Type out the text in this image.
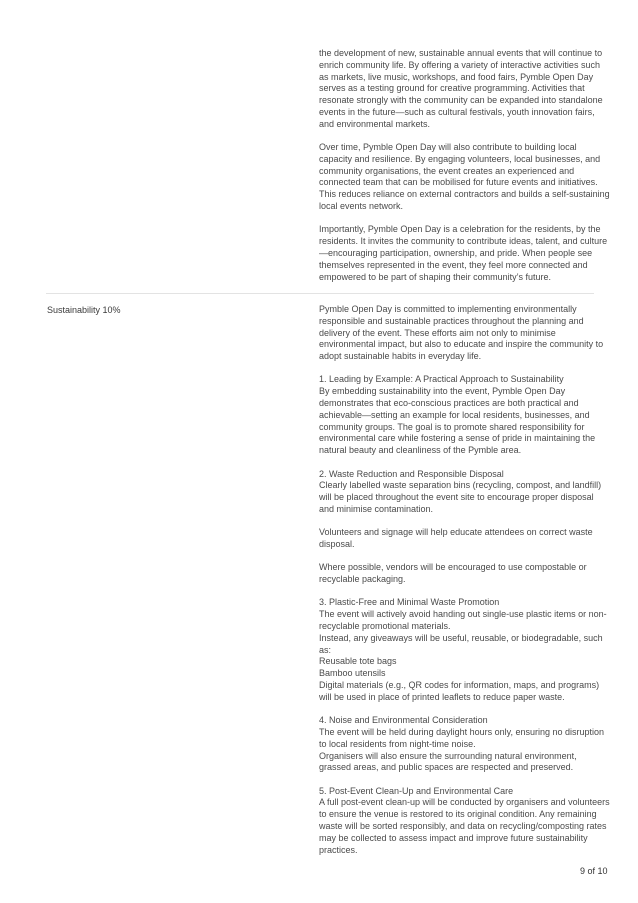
the development of new, sustainable annual events that will continue to
enrich community life. By offering a variety of interactive activities such
as markets, live music, workshops, and food fairs, Pymble Open Day
serves as a testing ground for creative programming. Activities that
resonate strongly with the community can be expanded into standalone
events in the future—such as cultural festivals, youth innovation fairs,
and environmental markets.
Over time, Pymble Open Day will also contribute to building local
capacity and resilience. By engaging volunteers, local businesses, and
community organisations, the event creates an experienced and
connected team that can be mobilised for future events and initiatives.
This reduces reliance on external contractors and builds a self-sustaining
local events network.
Importantly, Pymble Open Day is a celebration for the residents, by the
residents. It invites the community to contribute ideas, talent, and culture
—encouraging participation, ownership, and pride. When people see
themselves represented in the event, they feel more connected and
empowered to be part of shaping their community’s future.
Sustainability 10%	Pymble Open Day is committed to implementing environmentally
responsible and sustainable practices throughout the planning and
delivery of the event. These efforts aim not only to minimise
environmental impact, but also to educate and inspire the community to
adopt sustainable habits in everyday life.
1. Leading by Example: A Practical Approach to Sustainability
By embedding sustainability into the event, Pymble Open Day
demonstrates that eco-conscious practices are both practical and
achievable—setting an example for local residents, businesses, and
community groups. The goal is to promote shared responsibility for
environmental care while fostering a sense of pride in maintaining the
natural beauty and cleanliness of the Pymble area.
2. Waste Reduction and Responsible Disposal
Clearly labelled waste separation bins (recycling, compost, and landfill)
will be placed throughout the event site to encourage proper disposal
and minimise contamination.
Volunteers and signage will help educate attendees on correct waste
disposal.
Where possible, vendors will be encouraged to use compostable or
recyclable packaging.
3. Plastic-Free and Minimal Waste Promotion
The event will actively avoid handing out single-use plastic items or non-
recyclable promotional materials.
Instead, any giveaways will be useful, reusable, or biodegradable, such
as:
Reusable tote bags
Bamboo utensils
Digital materials (e.g., QR codes for information, maps, and programs)
will be used in place of printed leaflets to reduce paper waste.
4. Noise and Environmental Consideration
The event will be held during daylight hours only, ensuring no disruption
to local residents from night-time noise.
Organisers will also ensure the surrounding natural environment,
grassed areas, and public spaces are respected and preserved.
5. Post-Event Clean-Up and Environmental Care
A full post-event clean-up will be conducted by organisers and volunteers
to ensure the venue is restored to its original condition. Any remaining
waste will be sorted responsibly, and data on recycling/composting rates
may be collected to assess impact and improve future sustainability
practices.
9 of 10
